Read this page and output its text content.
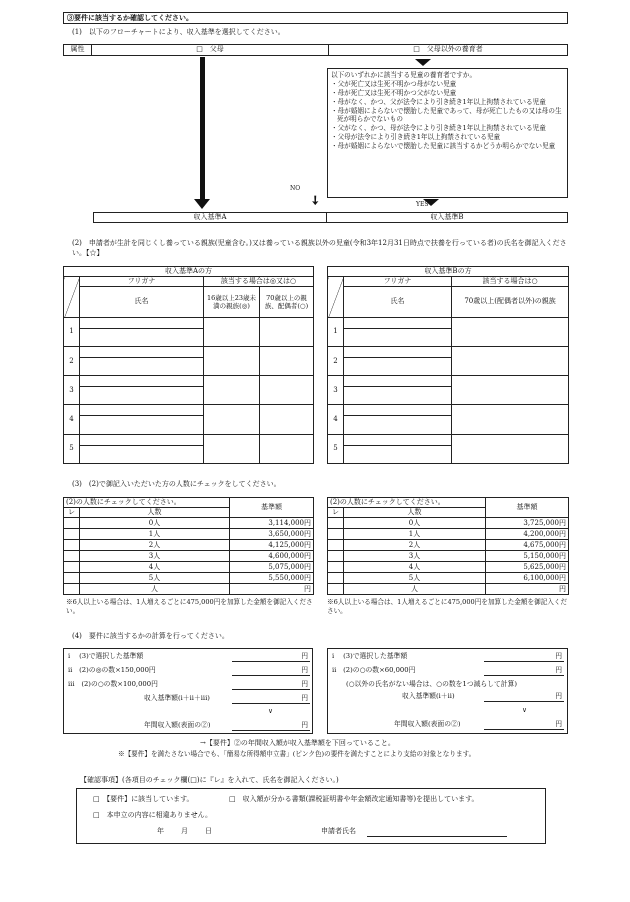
③要件に該当するか確認してください。
(1)　以下のフローチャートにより、収入基準を選択してください。
属性	□　父母	□　父母以外の養育者
以下のいずれかに該当する児童の養育者ですか。
・父が死亡又は生死不明かつ母がない児童
・母が死亡又は生死不明かつ父がない児童
・母がなく、かつ、父が法令により引き続き1年以上拘禁されている児童
・母が婚姻によらないで懐胎した児童であって、母が死亡したもの又は母の生死が明らかでないもの
・父がなく、かつ、母が法令により引き続き1年以上拘禁されている児童
・父母が法令により引き続き1年以上拘禁されている児童
・母が婚姻によらないで懐胎した児童に該当するかどうか明らかでない児童
NO
➘	YES
収入基準A	収入基準B
(2)　申請者が生計を同じくし養っている親族(児童含む。)又は養っている親族以外の児童(令和3年12月31日時点で扶養を行っている者)の氏名を御記入ください。【☆】
収入基準Aの方			
	フリガナ	該当する場合は◎又は○	
	氏名	16歳以上23歳未満の親族(◎)	70歳以上の親族、配偶者(○)
1			

2			

3			

4			

5			

収入基準Bの方		
	フリガナ	該当する場合は○
	氏名	70歳以上(配偶者以外)の親族
1		

2		

3		

4		

5		

(3)　(2)で御記入いただいた方の人数にチェックをしてください。
(2)の人数にチェックしてください。		基準額
レ	人数	
	0人	3,114,000円
	1人	3,650,000円
	2人	4,125,000円
	3人	4,600,000円
	4人	5,075,000円
	5人	5,550,000円
	人	円
※6人以上いる場合は、1人増えるごとに475,000円を加算した金額を御記入ください。
(2)の人数にチェックしてください。		基準額
レ	人数	
	0人	3,725,000円
	1人	4,200,000円
	2人	4,675,000円
	3人	5,150,000円
	4人	5,625,000円
	5人	6,100,000円
	人	円
※6人以上いる場合は、1人増えるごとに475,000円を加算した金額を御記入ください。
(4)　要件に該当するかの計算を行ってください。
i　 (3)で選択した基準額	円
ii　(2)の◎の数×150,000円	円
iii　(2)の○の数×100,000円	円
収入基準額(i＋ii＋iii)	円
∨
年間収入額(表面の②)	円
i　 (3)で選択した基準額	円
ii　(2)の○の数×60,000円	円
(○以外の氏名がない場合は、○の数を1つ減らして計算)
収入基準額(i＋ii)	円
∨
年間収入額(表面の②)	円
→【要件】②の年間収入額が収入基準額を下回っていること。
※【要件】を満たさない場合でも、「簡易な所得額申立書」(ピンク色)の要件を満たすことにより支給の対象となります。
【確認事項】(各項目のチェック欄(□)に『レ』を入れて、氏名を御記入ください。)
□　【要件】に該当しています。	□　収入額が分かる書類(課税証明書や年金額改定通知書等)を提出しています。
□　本申立の内容に相違ありません。
年 月 日	申請者氏名
